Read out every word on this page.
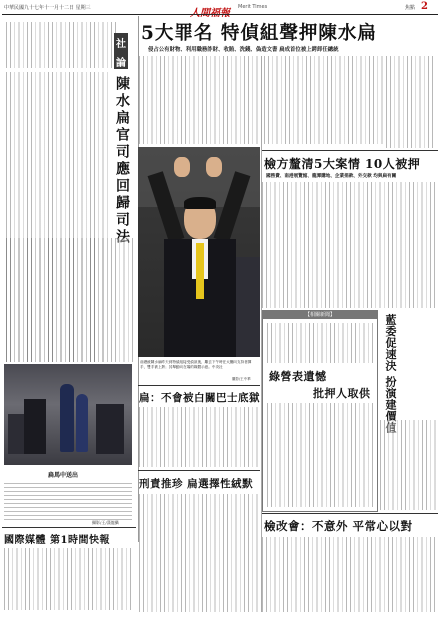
中華民國九十七年十一月十二日 星期三	Merit Times	焦點 2
社
論
陳水扁官司應回歸司法
扁馬中送出
攝影/王/漢龍攝
國際媒體 第1時間快報
5大罪名 特偵組聲押陳水扁
侵占公有財物、利用職務詐財、收賄、洗錢、偽造文書 扁成首位被上銬卸任總統
前總統陳水扁昨天到特偵組接受偵訊後，離去下午時在大廳向支持者揮手，雙手被上銬；其舉動向在場的媒體示意。中央社
攝影/王中華
扁：不會被白關巴士底獄
刑責推珍 扁選擇性絨默
檢方釐清5大案情 10人被押
國務費、南港展覽館、龍潭購地、企業捐款、外交款 均與扁有關
【相關新聞】
綠營表遺憾
批押人取供 藍委促速決 扮演建價值
檢改會：不意外 平常心以對
